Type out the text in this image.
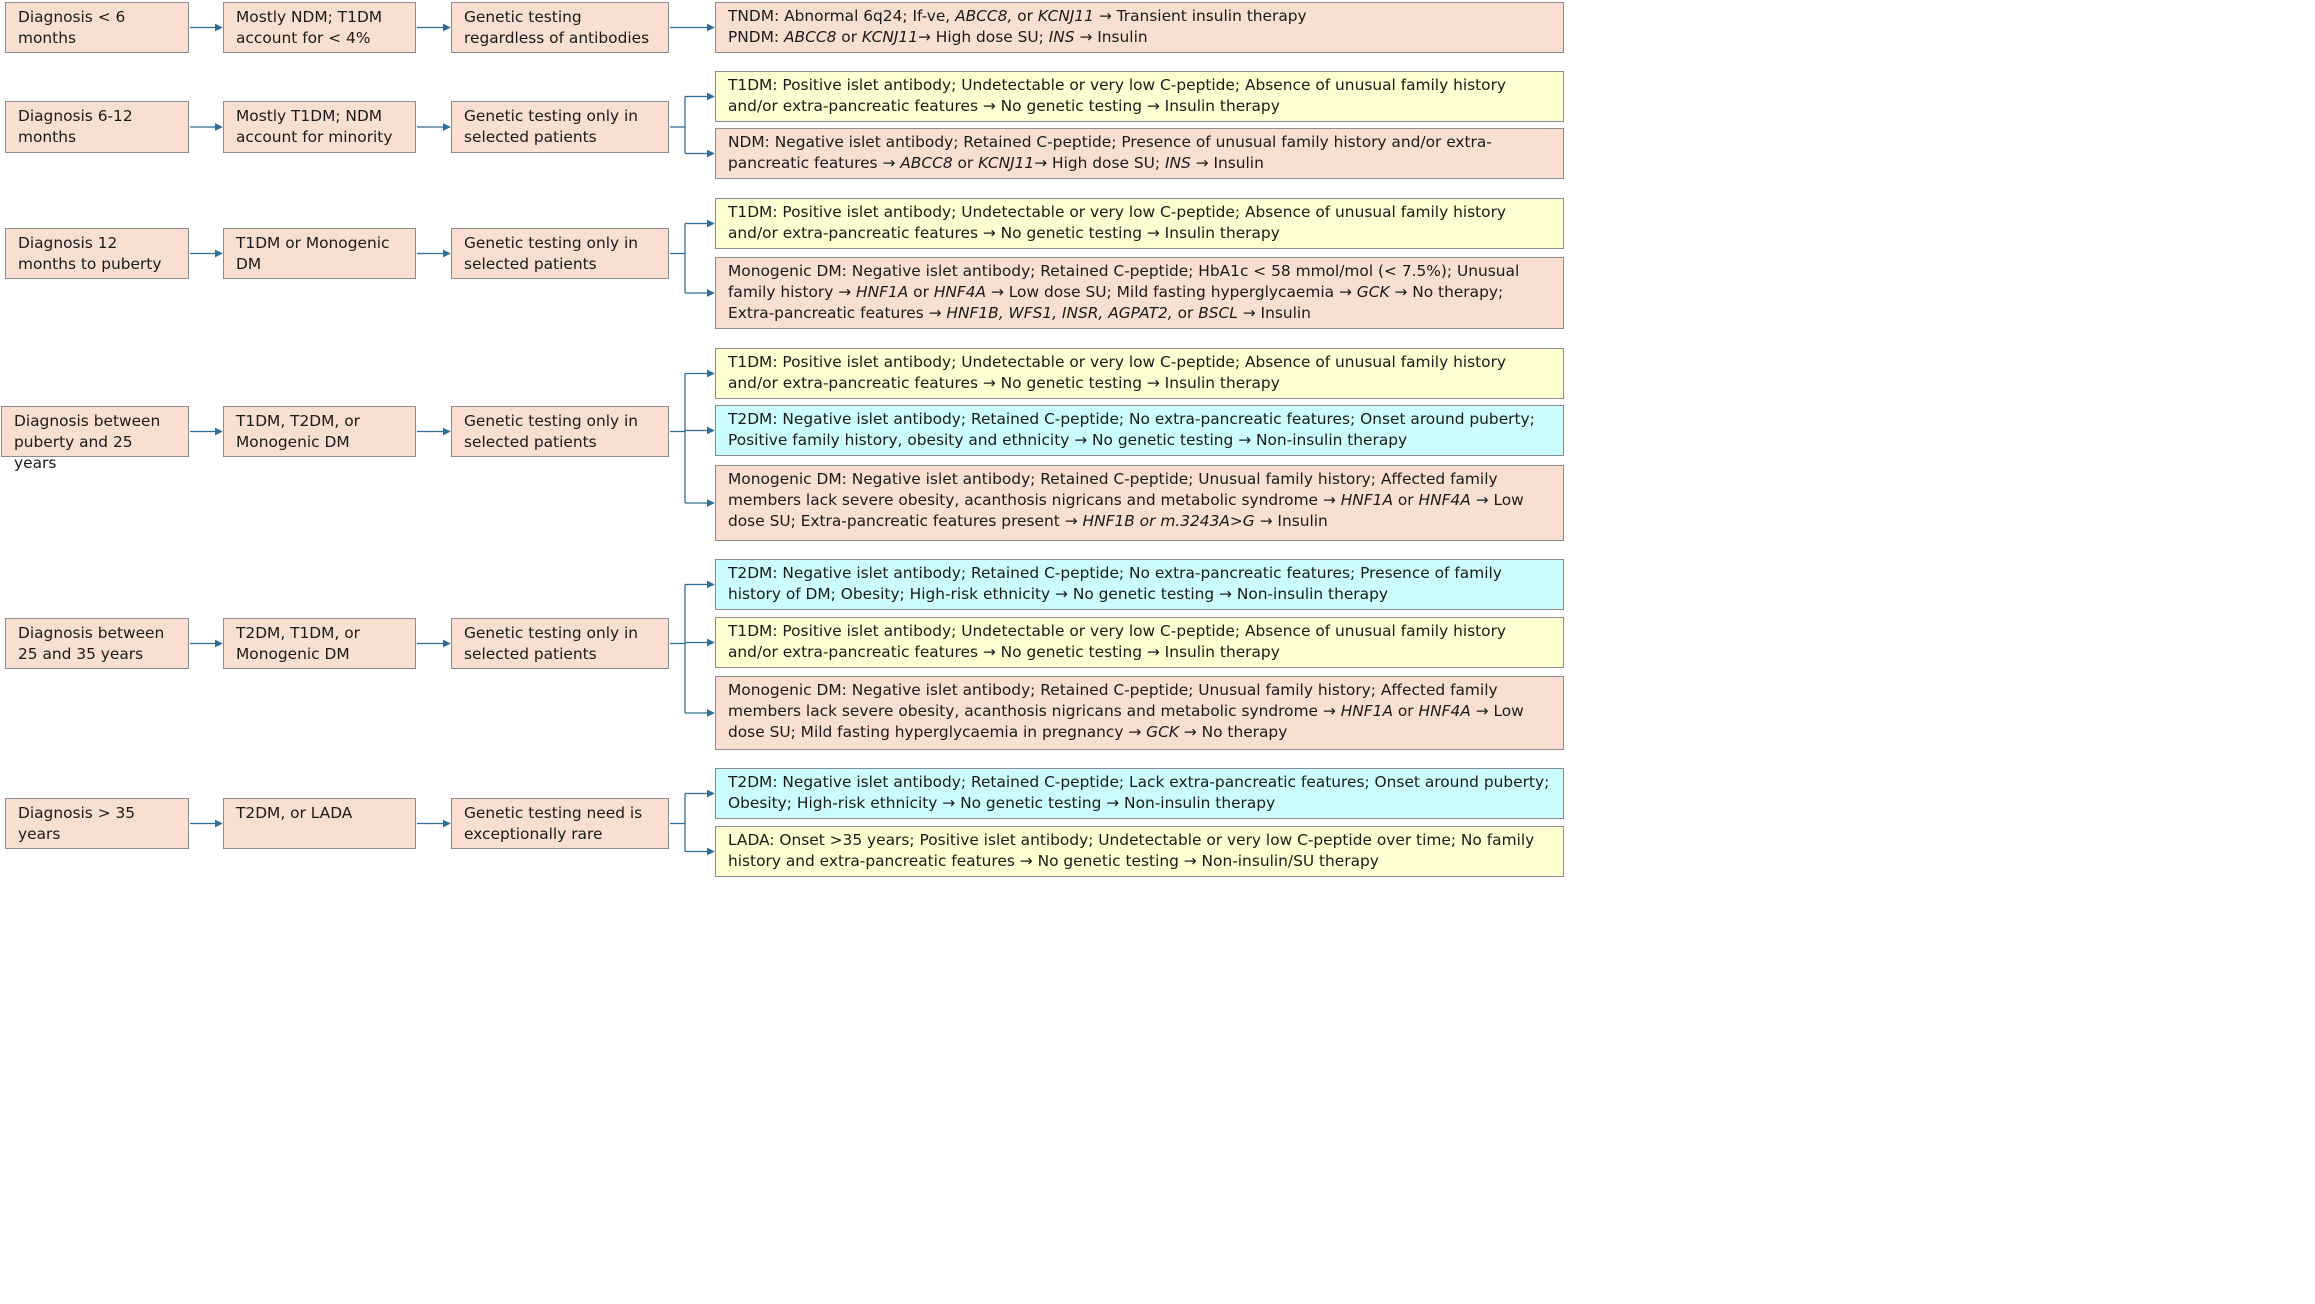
Diagnosis < 6 months
Mostly NDM; T1DM account for < 4%
Genetic testing regardless of antibodies
TNDM: Abnormal 6q24; If-ve, ABCC8, or KCNJ11 → Transient insulin therapy
PNDM: ABCC8 or KCNJ11→ High dose SU; INS → Insulin
Diagnosis 6-12 months
Mostly T1DM; NDM account for minority
Genetic testing only in selected patients
T1DM: Positive islet antibody; Undetectable or very low C-peptide; Absence of unusual family history
and/or extra-pancreatic features → No genetic testing → Insulin therapy
NDM: Negative islet antibody; Retained C-peptide; Presence of unusual family history and/or extra-
pancreatic features → ABCC8 or KCNJ11→ High dose SU; INS → Insulin
Diagnosis 12 months to puberty
T1DM or Monogenic DM
Genetic testing only in selected patients
T1DM: Positive islet antibody; Undetectable or very low C-peptide; Absence of unusual family history
and/or extra-pancreatic features → No genetic testing → Insulin therapy
Monogenic DM: Negative islet antibody; Retained C-peptide; HbA1c < 58 mmol/mol (< 7.5%); Unusual
family history → HNF1A or HNF4A → Low dose SU; Mild fasting hyperglycaemia → GCK → No therapy;
Extra-pancreatic features → HNF1B, WFS1, INSR, AGPAT2, or BSCL → Insulin
Diagnosis between puberty and 25 years
T1DM, T2DM, or Monogenic DM
Genetic testing only in selected patients
T1DM: Positive islet antibody; Undetectable or very low C-peptide; Absence of unusual family history
and/or extra-pancreatic features → No genetic testing → Insulin therapy
T2DM: Negative islet antibody; Retained C-peptide; No extra-pancreatic features; Onset around puberty;
Positive family history, obesity and ethnicity → No genetic testing → Non-insulin therapy
Monogenic DM: Negative islet antibody; Retained C-peptide; Unusual family history; Affected family
members lack severe obesity, acanthosis nigricans and metabolic syndrome → HNF1A or HNF4A → Low
dose SU; Extra-pancreatic features present → HNF1B or m.3243A>G → Insulin
Diagnosis between 25 and 35 years
T2DM, T1DM, or Monogenic DM
Genetic testing only in selected patients
T2DM: Negative islet antibody; Retained C-peptide; No extra-pancreatic features; Presence of family
history of DM; Obesity; High-risk ethnicity → No genetic testing → Non-insulin therapy
T1DM: Positive islet antibody; Undetectable or very low C-peptide; Absence of unusual family history
and/or extra-pancreatic features → No genetic testing → Insulin therapy
Monogenic DM: Negative islet antibody; Retained C-peptide; Unusual family history; Affected family
members lack severe obesity, acanthosis nigricans and metabolic syndrome → HNF1A or HNF4A → Low
dose SU; Mild fasting hyperglycaemia in pregnancy → GCK → No therapy
Diagnosis > 35 years
T2DM, or LADA	Genetic testing need is exceptionally rare
T2DM: Negative islet antibody; Retained C-peptide; Lack extra-pancreatic features; Onset around puberty;
Obesity; High-risk ethnicity → No genetic testing → Non-insulin therapy
LADA: Onset >35 years; Positive islet antibody; Undetectable or very low C-peptide over time; No family
history and extra-pancreatic features → No genetic testing → Non-insulin/SU therapy
